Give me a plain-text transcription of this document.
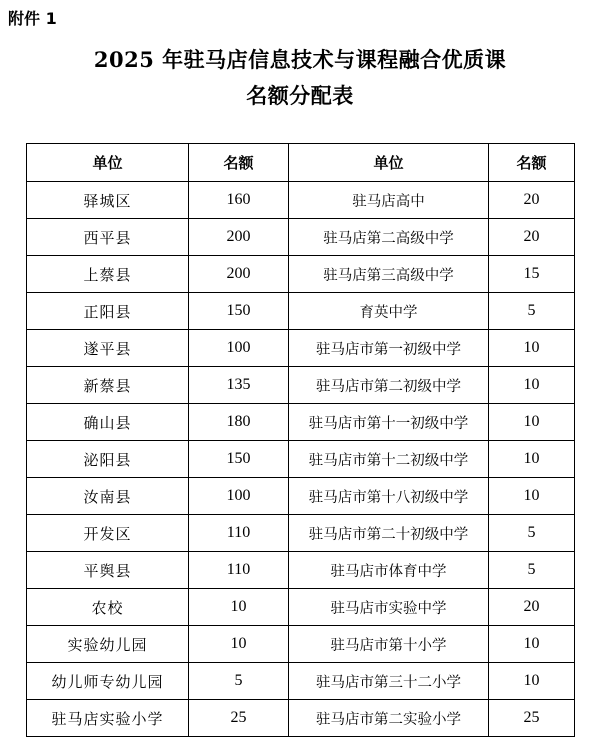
附件 1
2025 年驻马店信息技术与课程融合优质课
名额分配表
单位	名额	单位	名额
驿城区	160	驻马店高中	20
西平县	200	驻马店第二高级中学	20
上蔡县	200	驻马店第三高级中学	15
正阳县	150	育英中学	5
遂平县	100	驻马店市第一初级中学	10
新蔡县	135	驻马店市第二初级中学	10
确山县	180	驻马店市第十一初级中学	10
泌阳县	150	驻马店市第十二初级中学	10
汝南县	100	驻马店市第十八初级中学	10
开发区	110	驻马店市第二十初级中学	5
平舆县	110	驻马店市体育中学	5
农校	10	驻马店市实验中学	20
实验幼儿园	10	驻马店市第十小学	10
幼儿师专幼儿园	5	驻马店市第三十二小学	10
驻马店实验小学	25	驻马店市第二实验小学	25
